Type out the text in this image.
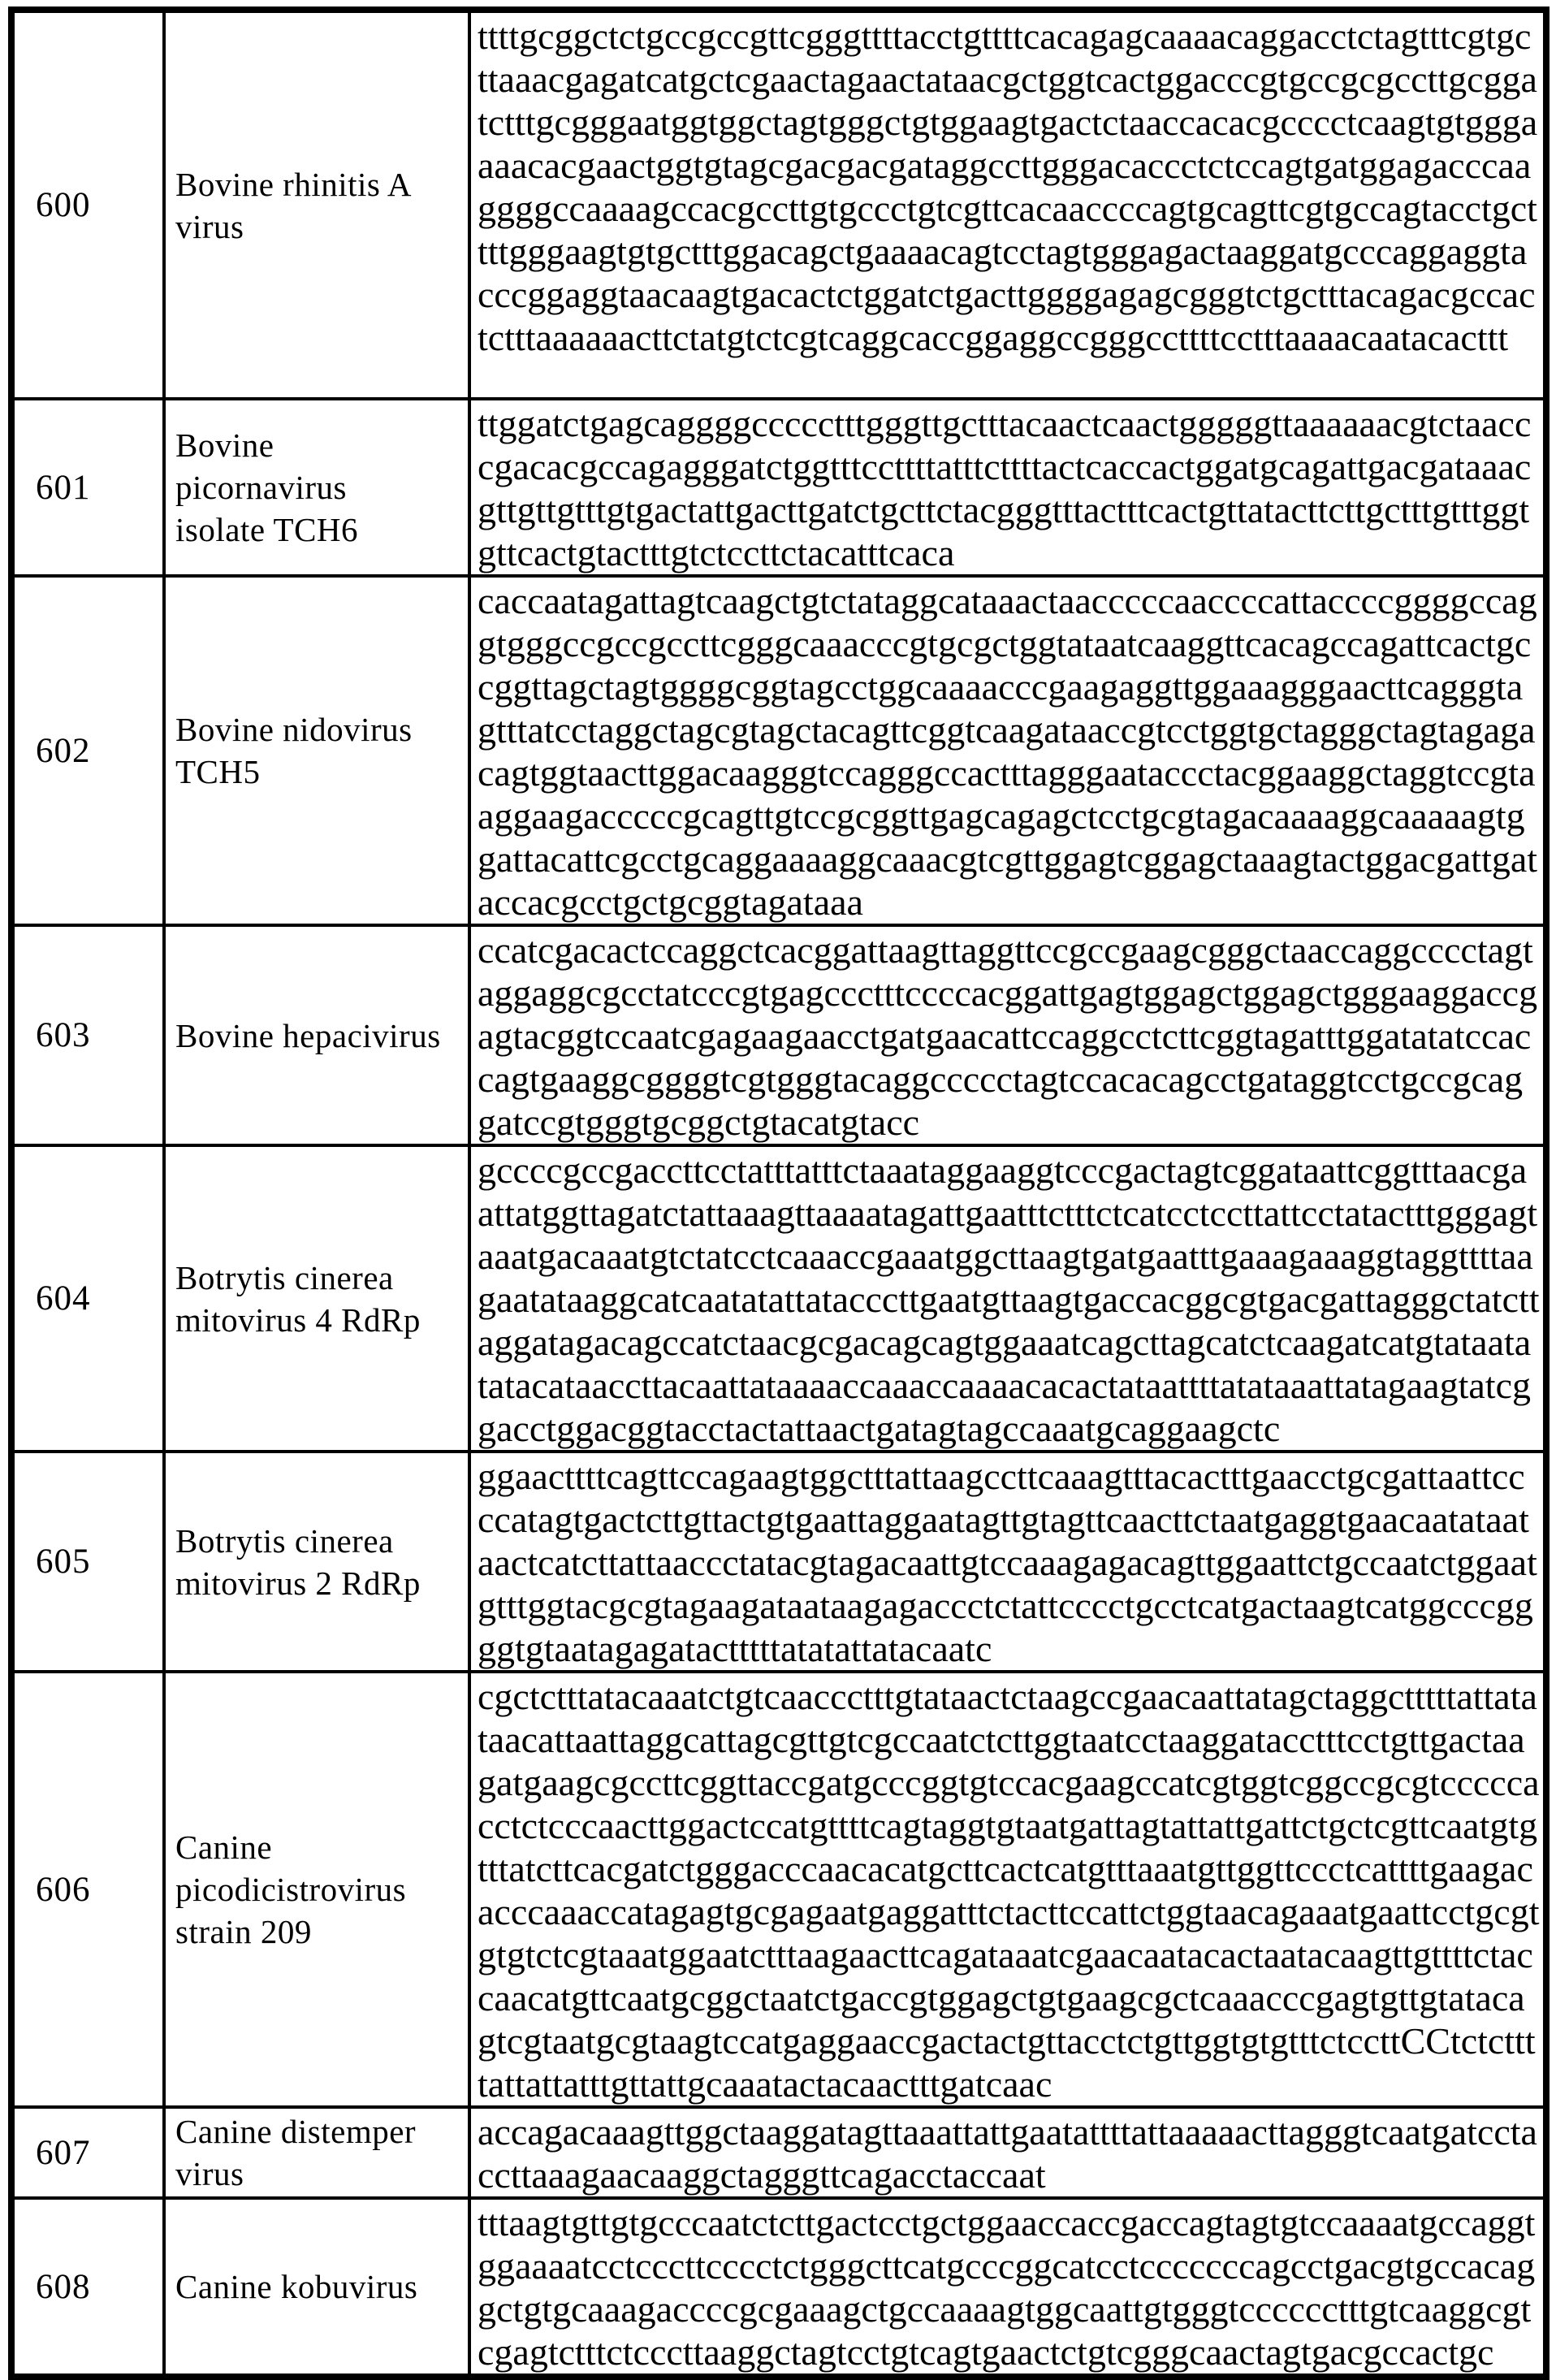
600	Bovine rhinitis A virus	ttttgcggctctgccgccgttcgggttttacctgttttcacagagcaaaacaggacctctagtttcgtgcttaaacgagatcatgctcgaactagaactataacgctggtcactggacccgtgccgcgccttgcggatctttgcgggaatggtggctagtgggctgtggaagtgactctaaccacacgcccctcaagtgtgggaaaacacgaactggtgtagcgacgacgataggccttgggacaccctctccagtgatggagacccaaggggccaaaagccacgccttgtgccctgtcgttcacaaccccagtgcagttcgtgccagtacctgcttttgggaagtgtgctttggacagctgaaaacagtcctagtgggagactaaggatgcccaggaggtacccggaggtaacaagtgacactctggatctgacttggggagagcgggtctgctttacagacgccactctttaaaaaacttctatgtctcgtcaggcaccggaggccgggccttttcctttaaaacaatacacttt

601	Bovine picornavirus isolate TCH6	ttggatctgagcaggggccccctttgggttgctttacaactcaactgggggttaaaaaacgtctaacccgacacgccagagggatctggtttccttttatttcttttactcaccactggatgcagattgacgataaacgttgttgtttgtgactattgacttgatctgcttctacgggtttactttcactgttatacttcttgctttgtttggtgttcactgtactttgtctccttctacatttcaca

602	Bovine nidovirus TCH5	caccaatagattagtcaagctgtctataggcataaactaacccccaaccccattaccccggggccaggtgggccgccgccttcgggcaaacccgtgcgctggtataatcaaggttcacagccagattcactgccggttagctagtggggcggtagcctggcaaaacccgaagaggttggaaagggaacttcagggtagtttatcctaggctagcgtagctacagttcggtcaagataaccgtcctggtgctagggctagtagagacagtggtaacttggacaagggtccagggccactttagggaataccctacggaaggctaggtccgtaaggaagacccccgcagttgtccgcggttgagcagagctcctgcgtagacaaaaggcaaaaagtggattacattcgcctgcaggaaaaggcaaacgtcgttggagtcggagctaaagtactggacgattgataccacgcctgctgcggtagataaa

603	Bovine hepacivirus	ccatcgacactccaggctcacggattaagttaggttccgccgaagcgggctaaccaggcccctagtaggaggcgcctatcccgtgagccctttccccacggattgagtggagctggagctgggaaggaccgagtacggtccaatcgagaagaacctgatgaacattccaggcctcttcggtagatttggatatatccaccagtgaaggcggggtcgtgggtacaggccccctagtccacacagcctgataggtcctgccgcaggatccgtgggtgcggctgtacatgtacc

604	Botrytis cinerea mitovirus 4 RdRp	gccccgccgaccttcctatttatttctaaataggaaggtcccgactagtcggataattcggtttaacgaattatggttagatctattaaagttaaaatagattgaatttctttctcatcctccttattcctatactttgggagtaaatgacaaatgtctatcctcaaaccgaaatggcttaagtgatgaatttgaaagaaaggtaggttttaagaatataaggcatcaatatattatacccttgaatgttaagtgaccacggcgtgacgattagggctatcttaggatagacagccatctaacgcgacagcagtggaaatcagcttagcatctcaagatcatgtataatatatacataaccttacaattataaaaccaaaccaaaacacactataattttatataaattatagaagtatcggacctggacggtacctactattaactgatagtagccaaatgcaggaagctc

605	Botrytis cinerea mitovirus 2 RdRp	ggaacttttcagttccagaagtggctttattaagccttcaaagtttacactttgaacctgcgattaattccccatagtgactcttgttactgtgaattaggaatagttgtagttcaacttctaatgaggtgaacaatataataactcatcttattaaccctatacgtagacaattgtccaaagagacagttggaattctgccaatctggaatgtttggtacgcgtagaagataataagagaccctctattcccctgcctcatgactaagtcatggcccggggtgtaatagagatactttttatatattatacaatc

606	Canine picodicistrovirus strain 209	cgctctttatacaaatctgtcaaccctttgtataactctaagccgaacaattatagctaggctttttattatataacattaattaggcattagcgttgtcgccaatctcttggtaatcctaaggatacctttcctgttgactaagatgaagcgccttcggttaccgatgcccggtgtccacgaagccatcgtggtcggccgcgtcccccacctctcccaacttggactccatgttttcagtaggtgtaatgattagtattattgattctgctcgttcaatgtgtttatcttcacgatctgggacccaacacatgcttcactcatgtttaaatgttggttccctcattttgaagacacccaaaccatagagtgcgagaatgaggatttctacttccattctggtaacagaaatgaattcctgcgtgtgtctcgtaaatggaatctttaagaacttcagataaatcgaacaatacactaatacaagttgttttctaccaacatgttcaatgcggctaatctgaccgtggagctgtgaagcgctcaaacccgagtgttgtatacagtcgtaatgcgtaagtccatgaggaaccgactactgttacctctgttggtgtgtttctccttCCtctcttttattattatttgttattgcaaatactacaactttgatcaac

607	Canine distemper virus	accagacaaagttggctaaggatagttaaattattgaatattttattaaaaacttagggtcaatgatcctaccttaaagaacaaggctagggttcagacctaccaat

608	Canine kobuvirus	tttaagtgttgtgcccaatctcttgactcctgctggaaccaccgaccagtagtgtccaaaatgccaggtggaaaatcctcccttcccctctgggcttcatgcccggcatcctcccccccagcctgacgtgccacaggctgtgcaaagaccccgcgaaagctgccaaaagtggcaattgtgggtcccccctttgtcaaggcgtcgagtctttctcccttaaggctagtcctgtcagtgaactctgtcgggcaactagtgacgccactgc
